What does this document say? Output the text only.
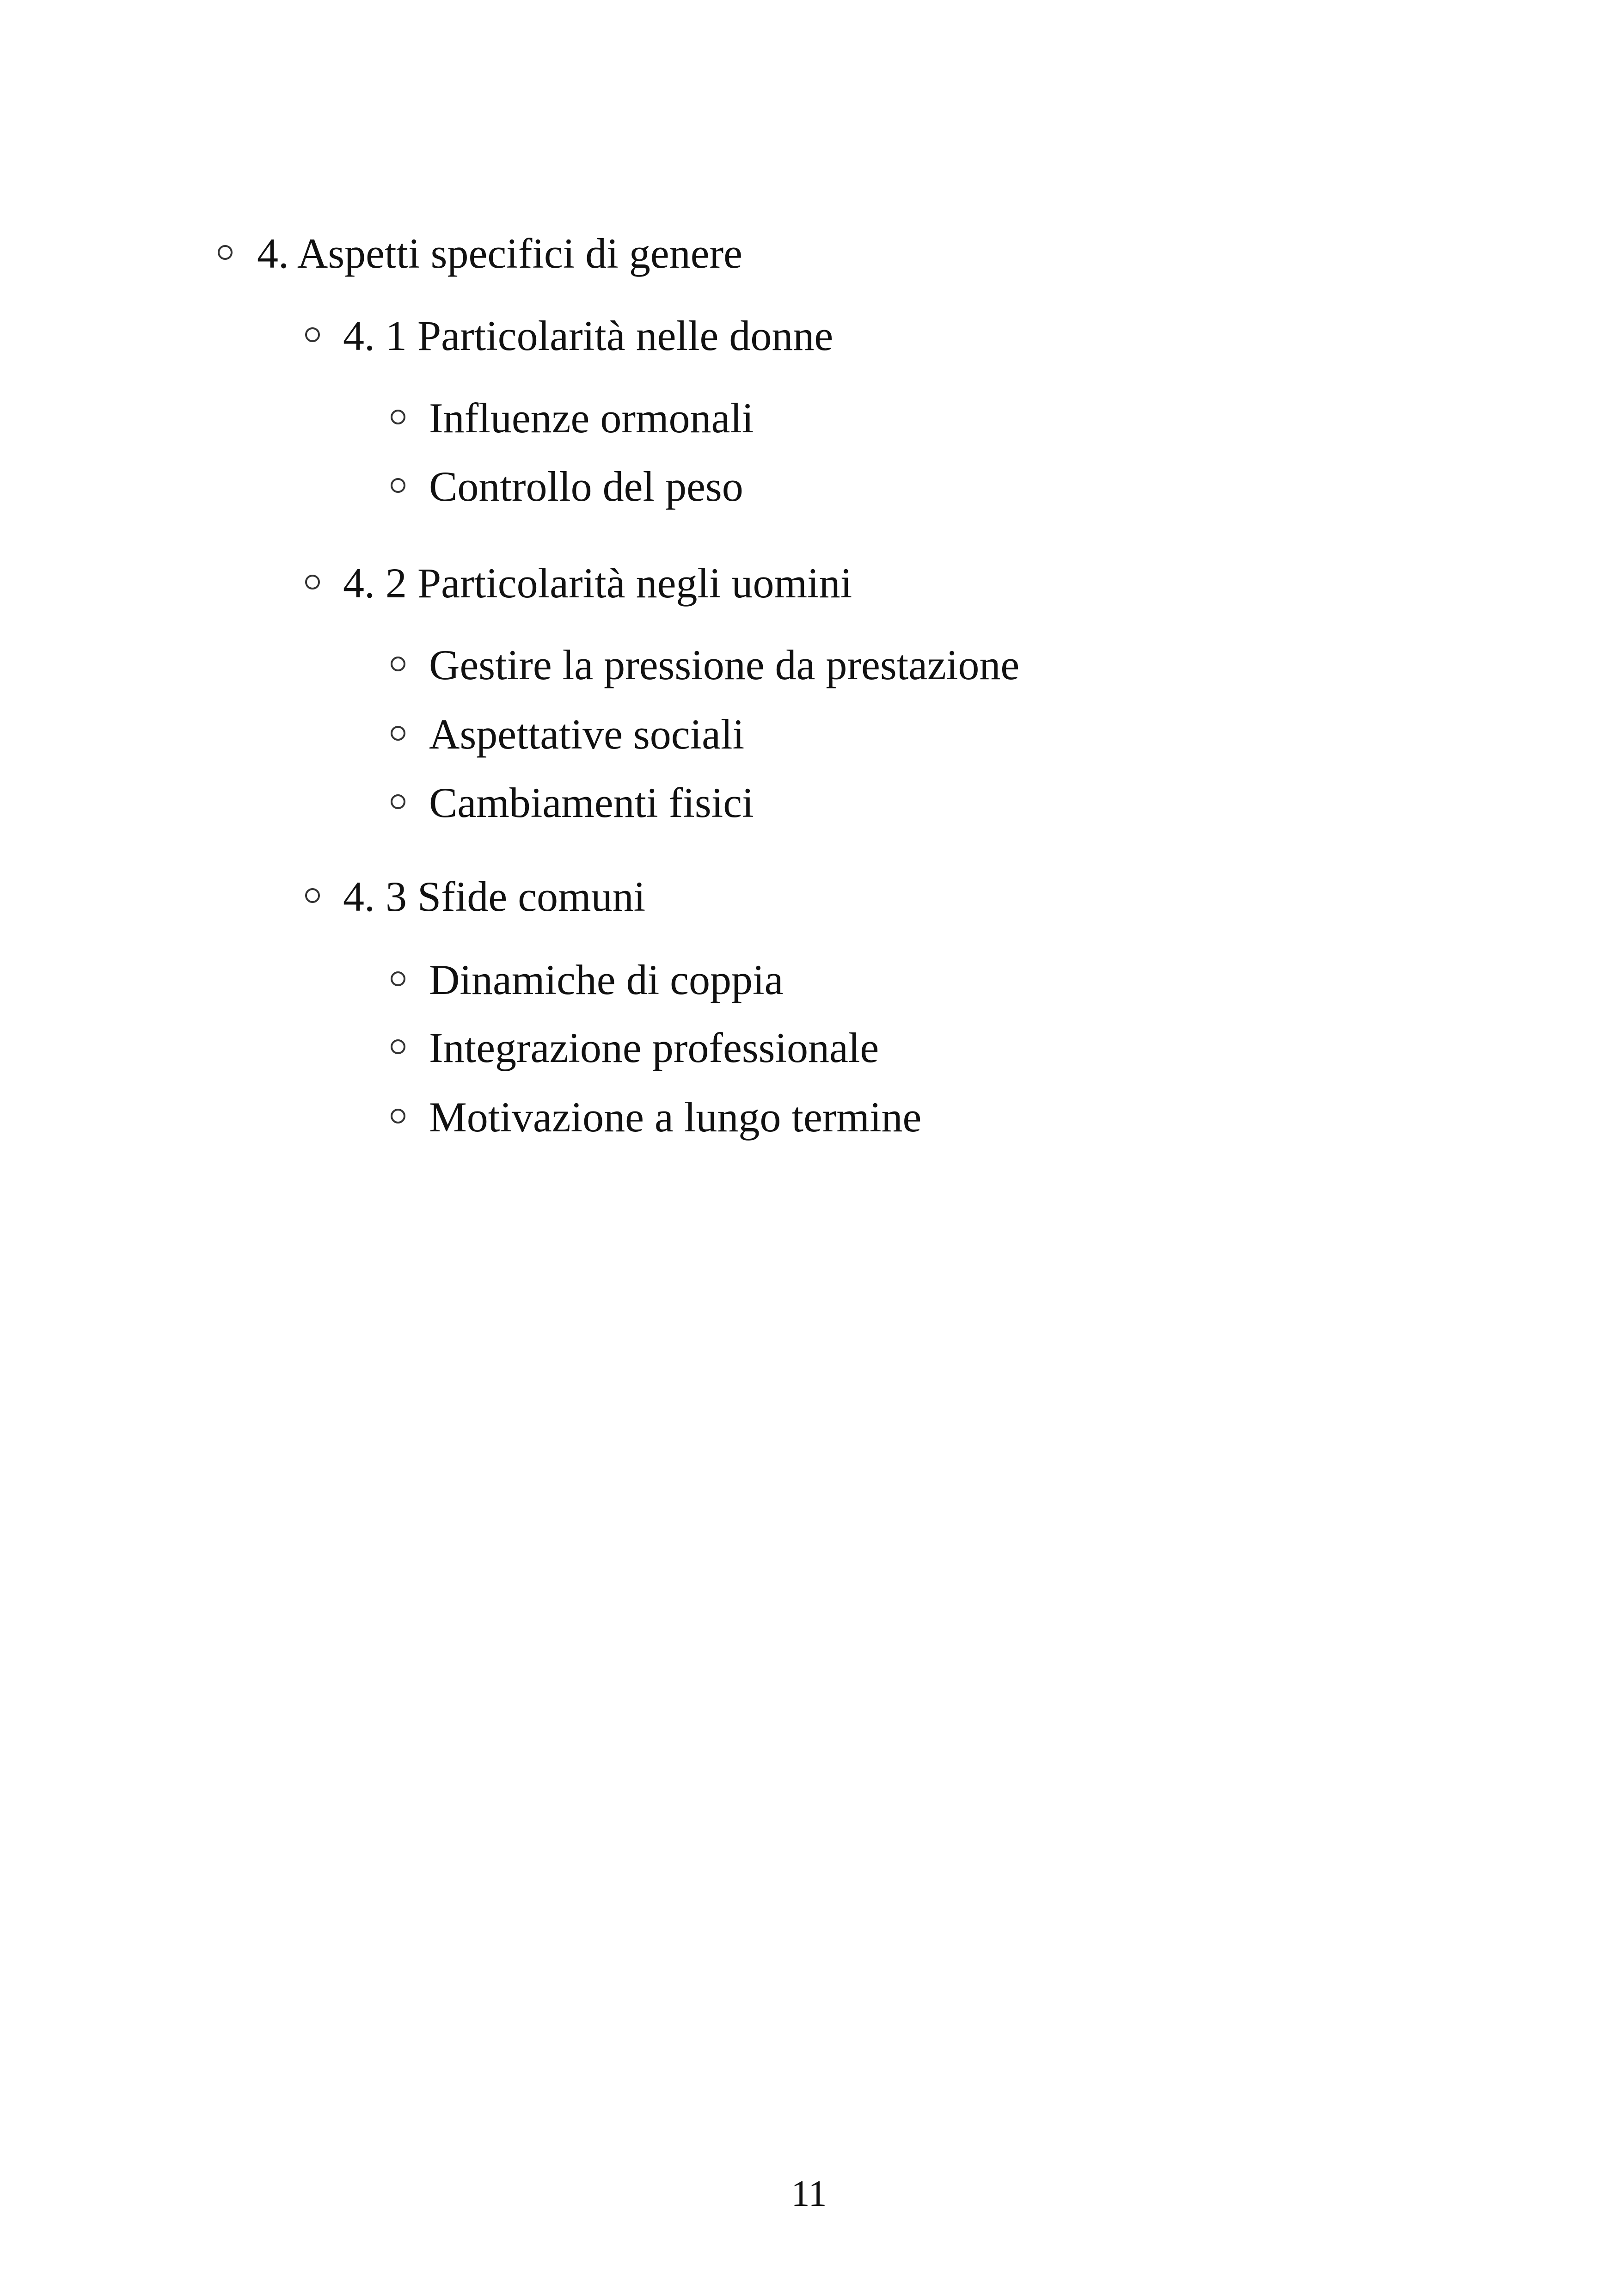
4. Aspetti specifici di genere
4. 1 Particolarità nelle donne
Influenze ormonali
Controllo del peso
4. 2 Particolarità negli uomini
Gestire la pressione da prestazione
Aspettative sociali
Cambiamenti fisici
4. 3 Sfide comuni
Dinamiche di coppia
Integrazione professionale
Motivazione a lungo termine
11
